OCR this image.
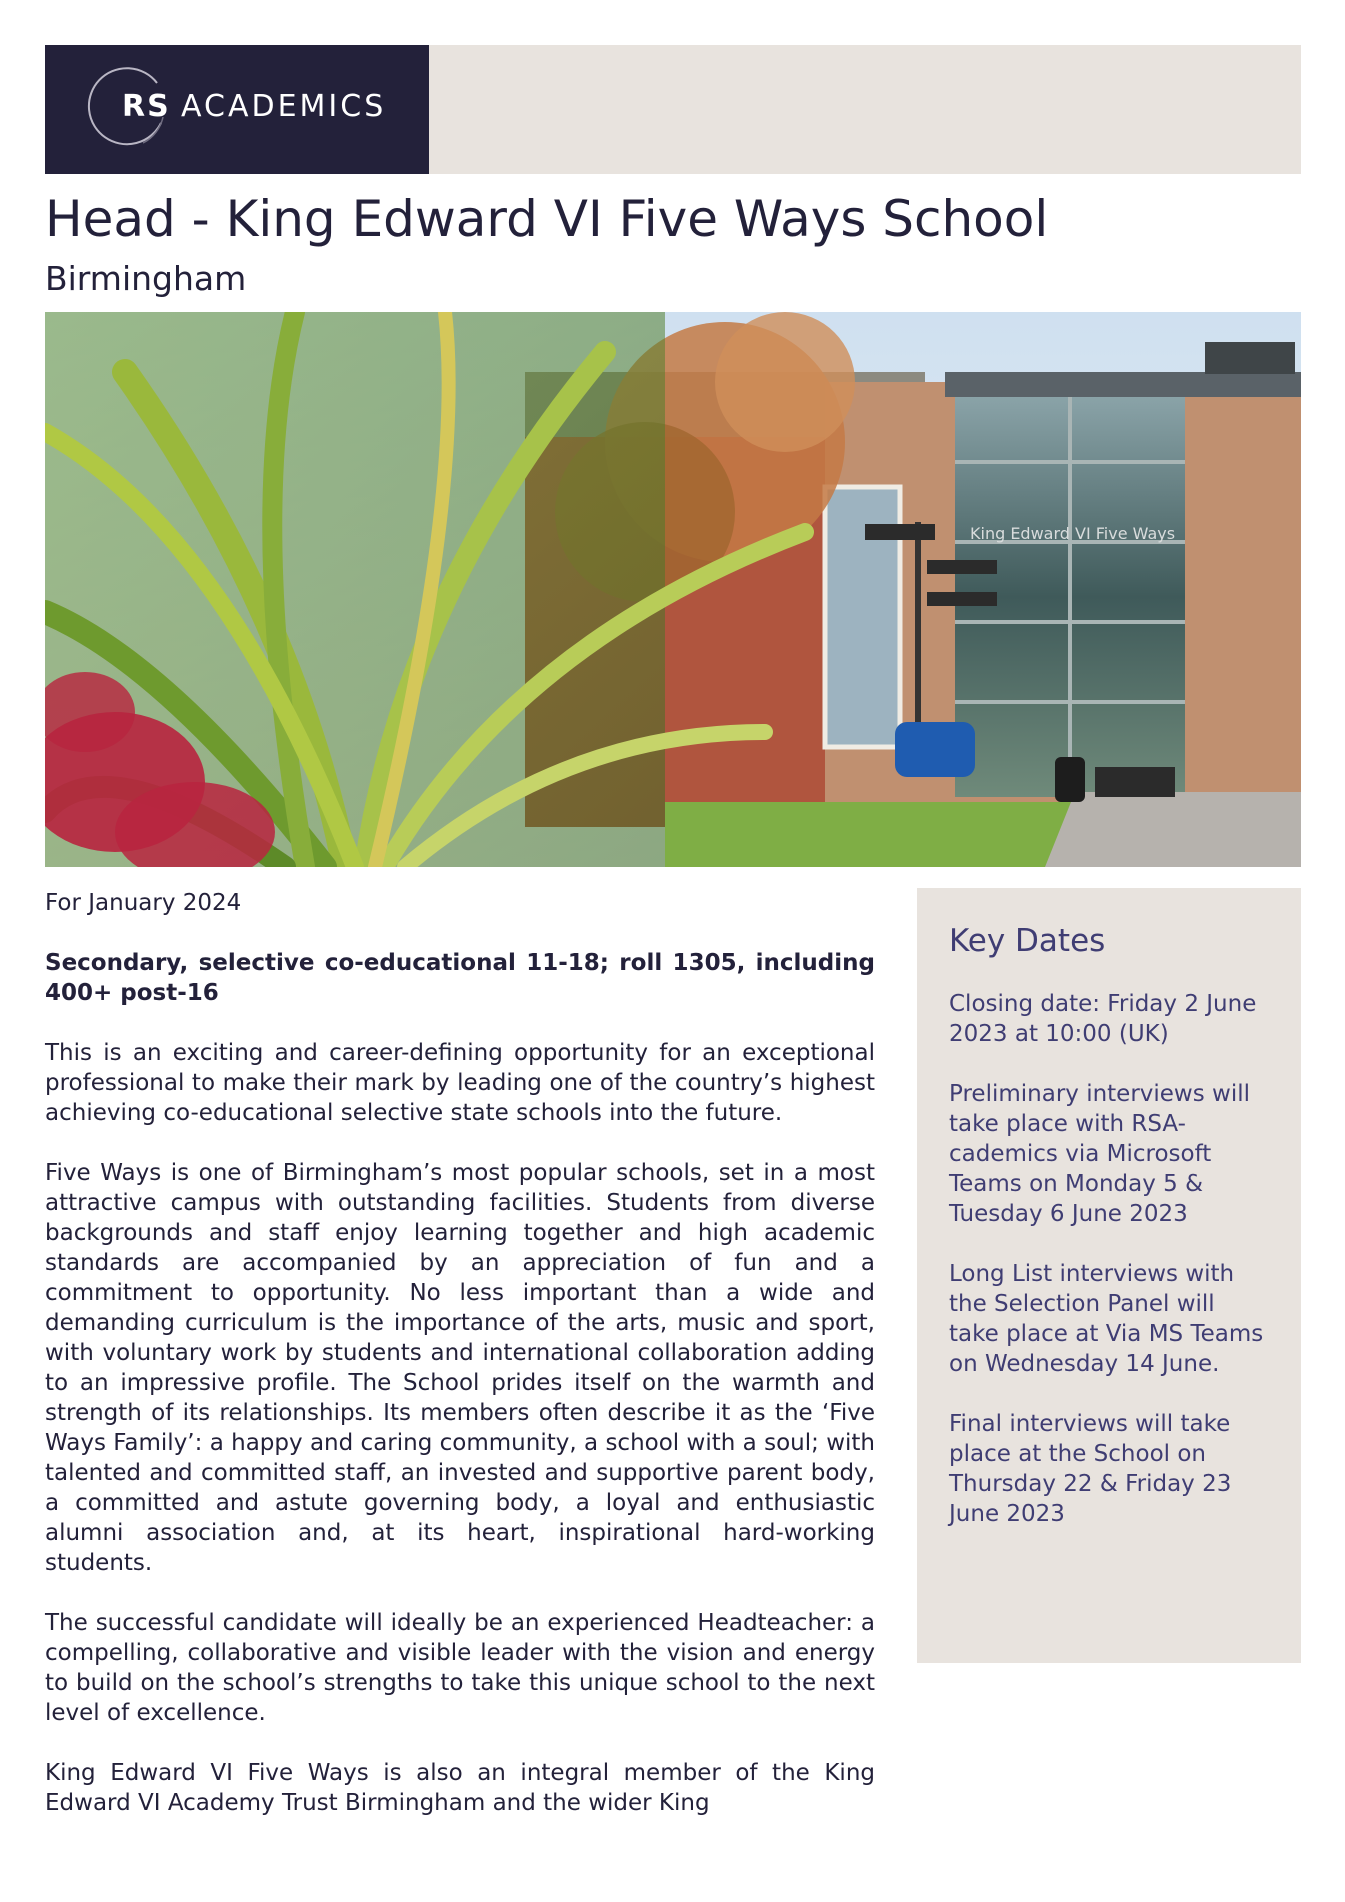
RS ACADEMICS
Head - King Edward VI Five Ways School
Birmingham
King Edward VI Five Ways

For January 2024

Secondary, selective co-educational 11-18; roll 1305, including 400+ post-16

This is an exciting and career-defining opportunity for an exceptional professional to make their mark by leading one of the country’s highest achieving co-educational selective state schools into the future.

Five Ways is one of Birmingham’s most popular schools, set in a most attractive campus with outstanding facilities. Students from diverse backgrounds and staff enjoy learning together and high academic standards are accompanied by an appreciation of fun and a commitment to opportunity. No less important than a wide and demanding curriculum is the importance of the arts, music and sport, with voluntary work by students and international collaboration adding to an impressive profile. The School prides itself on the warmth and strength of its relationships. Its members often describe it as the ‘Five Ways Family’: a happy and caring community, a school with a soul; with talented and committed staff, an invested and supportive parent body, a committed and astute governing body, a loyal and enthusiastic alumni association and, at its heart, inspirational hard-working students.

The successful candidate will ideally be an experienced Headteacher: a compelling, collaborative and visible leader with the vision and energy to build on the school’s strengths to take this unique school to the next level of excellence.

King Edward VI Five Ways is also an integral member of the King Edward VI Academy Trust Birmingham and the wider King

Key Dates

Closing date: Friday 2 June 2023 at 10:00 (UK)

Preliminary interviews will take place with RSA-cademics via Microsoft Teams on Monday 5 & Tuesday 6 June 2023

Long List interviews with the Selection Panel will take place at Via MS Teams on Wednesday 14 June.

Final interviews will take place at the School on Thursday 22 & Friday 23 June 2023
